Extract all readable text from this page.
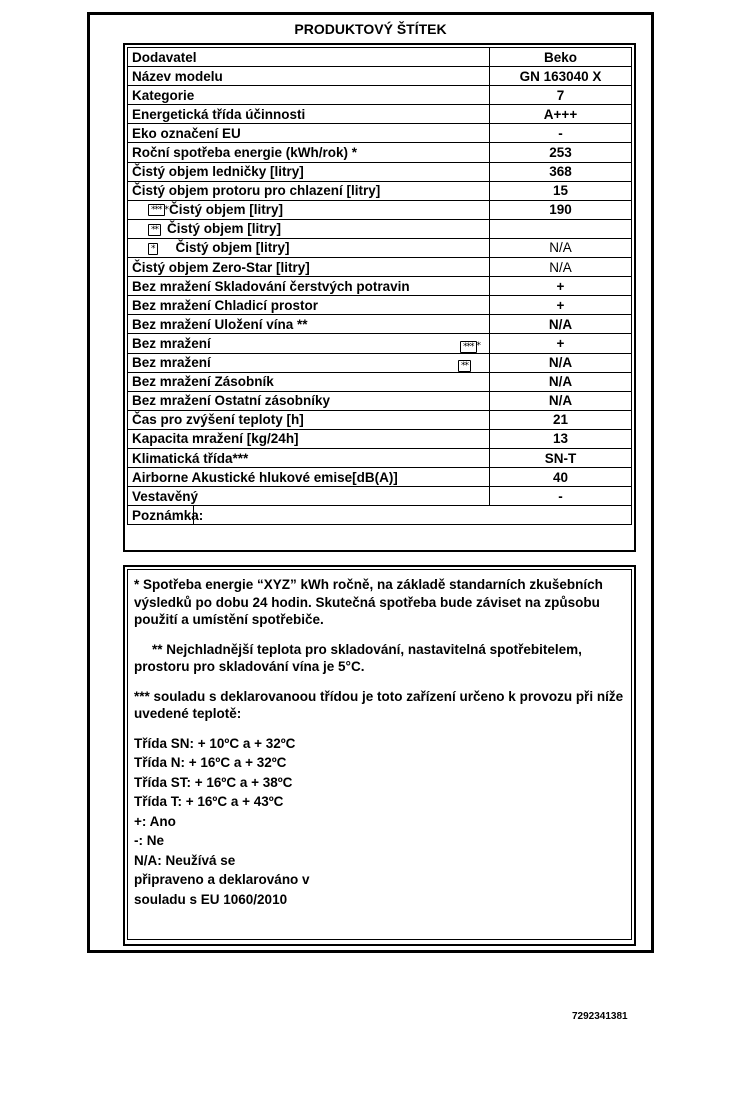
PRODUKTOVÝ ŠTÍTEK
Dodavatel	Beko
Název modelu	GN 163040 X
Kategorie	7
Energetická třída účinnosti	A+++
Eko označení EU	-
Roční spotřeba energie (kWh/rok) *	253
Čistý objem ledničky [litry]	368
Čistý objem protoru pro chlazení [litry]	15
*** *Čistý objem [litry]	190
** Čistý objem [litry]	
* Čistý objem [litry]	N/A
Čistý objem Zero-Star [litry]	N/A
Bez mražení Skladování čerstvých potravin	+
Bez mražení Chladicí prostor	+
Bez mražení Uložení vína **	N/A
Bez mražení *** *	+
Bez mražení **	N/A
Bez mražení Zásobník	N/A
Bez mražení Ostatní zásobníky	N/A
Čas pro zvýšení teploty [h]	21
Kapacita mražení [kg/24h]	13
Klimatická třída***	SN-T
Airborne Akustické hlukové emise[dB(A)]	40
Vestavěný	-

Poznámka:	

* Spotřeba energie “XYZ” kWh ročně, na základě standarních zkušebních výsledků po dobu 24 hodin. Skutečná spotřeba bude záviset na způsobu použití a umístění spotřebiče.

** Nejchladnější teplota pro skladování, nastavitelná spotřebitelem, prostoru pro skladování vína je 5°C.

*** souladu s deklarovanoou třídou je toto zařízení určeno k provozu při níže uvedené teplotě:

Třída SN: + 10ºC a + 32ºC

Třída N: + 16ºC a + 32ºC

Třída ST: + 16ºC a + 38ºC

Třída T: + 16ºC a + 43ºC

+: Ano

-: Ne

N/A: Neužívá se

připraveno a deklarováno v

souladu s EU 1060/2010

7292341381
